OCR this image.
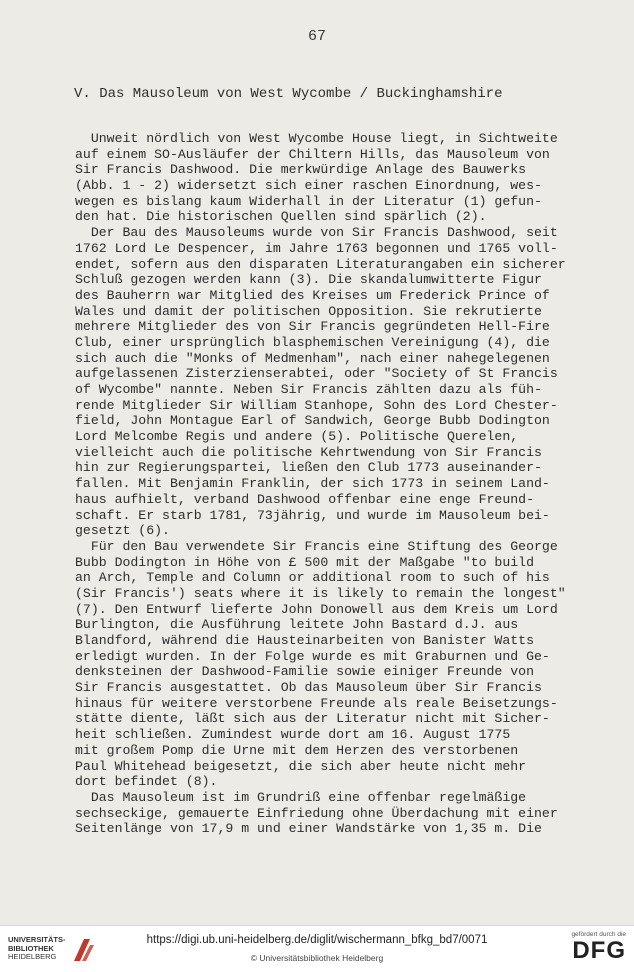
67
V. Das Mausoleum von West Wycombe / Buckinghamshire
Unweit nördlich von West Wycombe House liegt, in Sichtweite
auf einem SO-Ausläufer der Chiltern Hills, das Mausoleum von
Sir Francis Dashwood. Die merkwürdige Anlage des Bauwerks
(Abb. 1 - 2) widersetzt sich einer raschen Einordnung, wes-
wegen es bislang kaum Widerhall in der Literatur (1) gefun-
den hat. Die historischen Quellen sind spärlich (2).
Der Bau des Mausoleums wurde von Sir Francis Dashwood, seit
1762 Lord Le Despencer, im Jahre 1763 begonnen und 1765 voll-
endet, sofern aus den disparaten Literaturangaben ein sicherer
Schluß gezogen werden kann (3). Die skandalumwitterte Figur
des Bauherrn war Mitglied des Kreises um Frederick Prince of
Wales und damit der politischen Opposition. Sie rekrutierte
mehrere Mitglieder des von Sir Francis gegründeten Hell-Fire
Club, einer ursprünglich blasphemischen Vereinigung (4), die
sich auch die "Monks of Medmenham", nach einer nahegelegenen
aufgelassenen Zisterzienserabtei, oder "Society of St Francis
of Wycombe" nannte. Neben Sir Francis zählten dazu als füh-
rende Mitglieder Sir William Stanhope, Sohn des Lord Chester-
field, John Montague Earl of Sandwich, George Bubb Dodington
Lord Melcombe Regis und andere (5). Politische Querelen,
vielleicht auch die politische Kehrtwendung von Sir Francis
hin zur Regierungspartei, ließen den Club 1773 auseinander-
fallen. Mit Benjamin Franklin, der sich 1773 in seinem Land-
haus aufhielt, verband Dashwood offenbar eine enge Freund-
schaft. Er starb 1781, 73jährig, und wurde im Mausoleum bei-
gesetzt (6).
Für den Bau verwendete Sir Francis eine Stiftung des George
Bubb Dodington in Höhe von £ 500 mit der Maßgabe "to build
an Arch, Temple and Column or additional room to such of his
(Sir Francis') seats where it is likely to remain the longest"
(7). Den Entwurf lieferte John Donowell aus dem Kreis um Lord
Burlington, die Ausführung leitete John Bastard d.J. aus
Blandford, während die Hausteinarbeiten von Banister Watts
erledigt wurden. In der Folge wurde es mit Graburnen und Ge-
denksteinen der Dashwood-Familie sowie einiger Freunde von
Sir Francis ausgestattet. Ob das Mausoleum über Sir Francis
hinaus für weitere verstorbene Freunde als reale Beisetzungs-
stätte diente, läßt sich aus der Literatur nicht mit Sicher-
heit schließen. Zumindest wurde dort am 16. August 1775
mit großem Pomp die Urne mit dem Herzen des verstorbenen
Paul Whitehead beigesetzt, die sich aber heute nicht mehr
dort befindet (8).
Das Mausoleum ist im Grundriß eine offenbar regelmäßige
sechseckige, gemauerte Einfriedung ohne Überdachung mit einer
Seitenlänge von 17,9 m und einer Wandstärke von 1,35 m. Die
UNIVERSITÄTS-
BIBLIOTHEK
HEIDELBERG
https://digi.ub.uni-heidelberg.de/diglit/wischermann_bfkg_bd7/0071
© Universitätsbibliothek Heidelberg
gefördert durch die
DFG
